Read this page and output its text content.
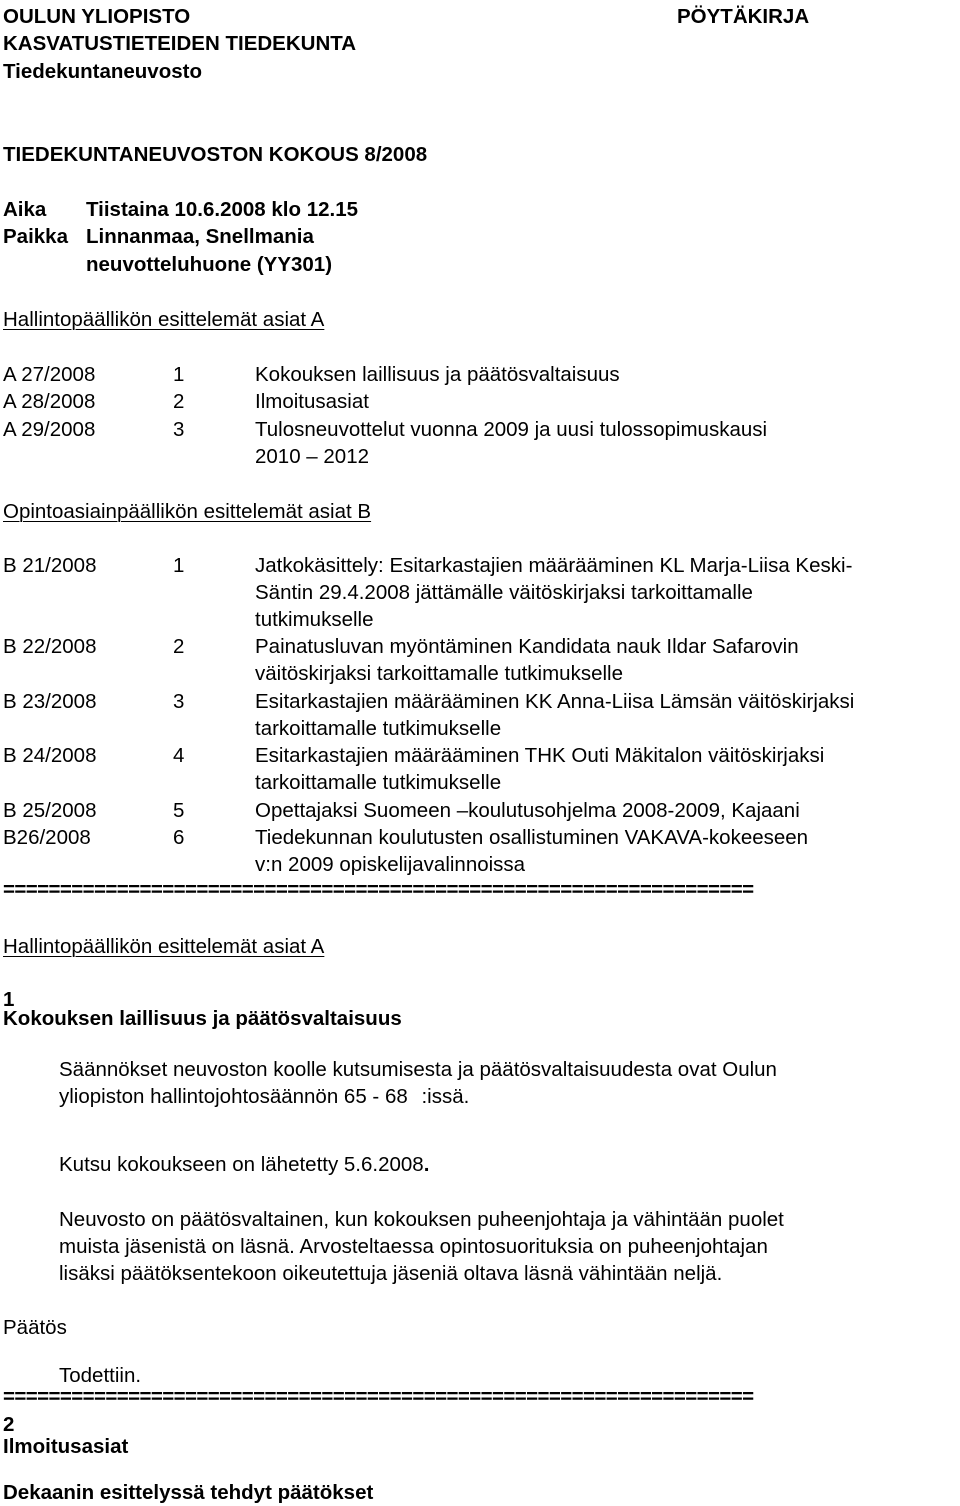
OULUN YLIOPISTO
KASVATUSTIETEIDEN TIEDEKUNTA
Tiedekuntaneuvosto
PÖYTÄKIRJA
TIEDEKUNTANEUVOSTON KOKOUS 8/2008
Aika Tiistaina 10.6.2008 klo 12.15
Paikka Linnanmaa, Snellmania
neuvotteluhuone (YY301)
Hallintopäällikön esittelemät asiat A
A 27/2008	1	Kokouksen laillisuus ja päätösvaltaisuus
A 28/2008	2	Ilmoitusasiat
A 29/2008	3	Tulosneuvottelut vuonna 2009 ja uusi tulossopimuskausi
2010 – 2012
Opintoasiainpäällikön esittelemät asiat B
B 21/2008	1	Jatkokäsittely: Esitarkastajien määrääminen KL Marja-Liisa Keski-
Säntin 29.4.2008 jättämälle väitöskirjaksi tarkoittamalle
tutkimukselle
B 22/2008	2	Painatusluvan myöntäminen Kandidata nauk Ildar Safarovin
väitöskirjaksi tarkoittamalle tutkimukselle
B 23/2008	3	Esitarkastajien määrääminen KK Anna-Liisa Lämsän väitöskirjaksi
tarkoittamalle tutkimukselle
B 24/2008	4	Esitarkastajien määrääminen THK Outi Mäkitalon väitöskirjaksi
tarkoittamalle tutkimukselle
B 25/2008	5	Opettajaksi Suomeen –koulutusohjelma 2008-2009, Kajaani
B26/2008	6	Tiedekunnan koulutusten osallistuminen VAKAVA-kokeeseen
v:n 2009 opiskelijavalinnoissa
==================================================================
Hallintopäällikön esittelemät asiat A
1
Kokouksen laillisuus ja päätösvaltaisuus
Säännökset neuvoston koolle kutsumisesta ja päätösvaltaisuudesta ovat Oulun
yliopiston hallintojohtosäännön 65 - 68 :issä.
Kutsu kokoukseen on lähetetty 5.6.2008.
Neuvosto on päätösvaltainen, kun kokouksen puheenjohtaja ja vähintään puolet
muista jäsenistä on läsnä. Arvosteltaessa opintosuorituksia on puheenjohtajan
lisäksi päätöksentekoon oikeutettuja jäseniä oltava läsnä vähintään neljä.
Päätös
Todettiin.
==================================================================
2
Ilmoitusasiat
Dekaanin esittelyssä tehdyt päätökset
